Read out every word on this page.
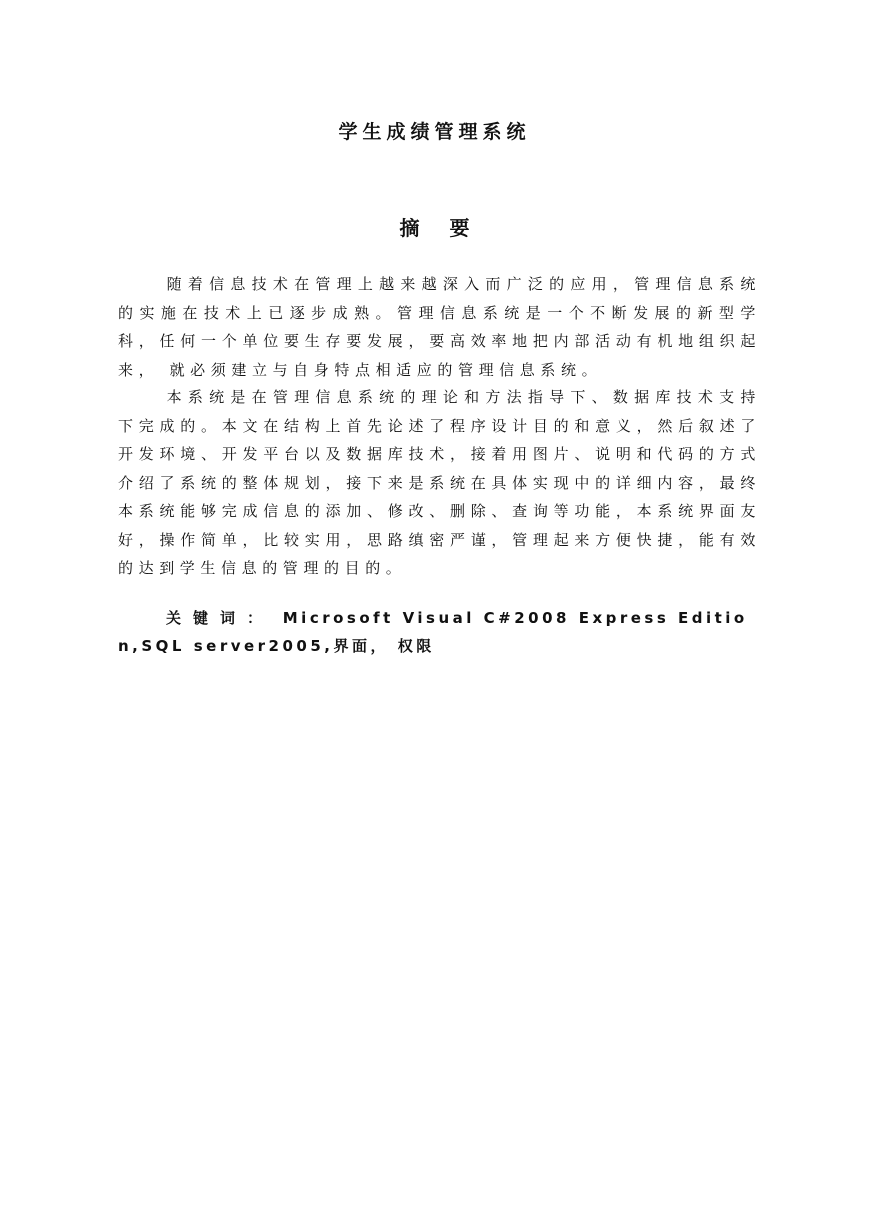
学生成绩管理系统
摘要

随着信息技术在管理上越来越深入而广泛的应用，管理信息系统的实施在技术上已逐步成熟。管理信息系统是一个不断发展的新型学科，任何一个单位要生存要发展，要高效率地把内部活动有机地组织起来， 就必须建立与自身特点相适应的管理信息系统。

本系统是在管理信息系统的理论和方法指导下、数据库技术支持下完成的。本文在结构上首先论述了程序设计目的和意义，然后叙述了开发环境、开发平台以及数据库技术，接着用图片、说明和代码的方式介绍了系统的整体规划，接下来是系统在具体实现中的详细内容，最终本系统能够完成信息的添加、修改、删除、查询等功能，本系统界面友好，操作简单，比较实用，思路缜密严谨，管理起来方便快捷，能有效的达到学生信息的管理的目的。

关键词： Microsoft Visual C#2008 Express Edition,SQL server2005,界面， 权限
